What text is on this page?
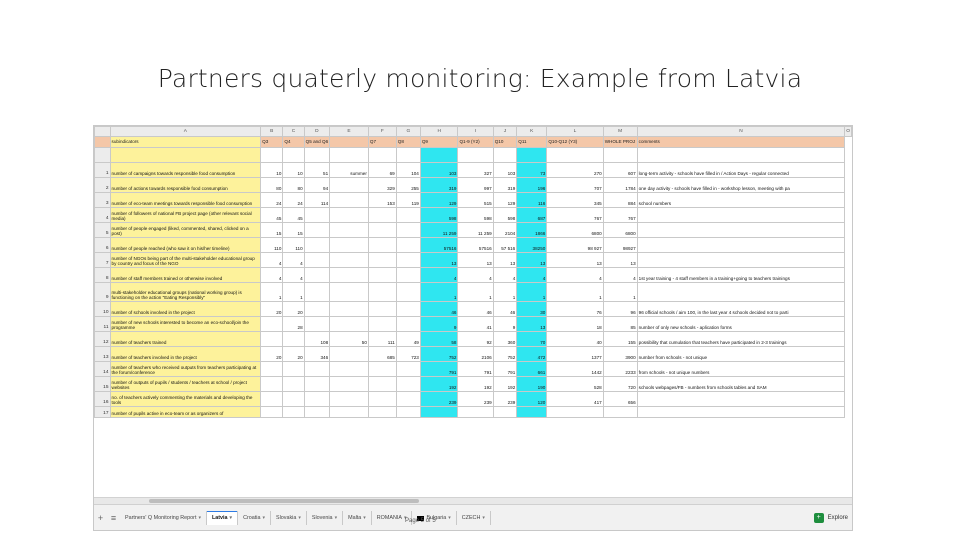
Partners quaterly monitoring: Example from Latvia
	A	B	C	D	E	F	G	H	I	J	K	L	M	N	O
	subindicators	Q3	Q4	Q5 and Q6		Q7	Q8	Q9	Q1-9 (Y2)	Q10	Q11	Q10-Q12 (Y3)	WHOLE PROJ	comments	

1	number of campaigns towards responsible food consumption	10	10	51	summer	69	104	103	327	103	73	270	607	long-term activity - schools have filled in / Action Days - regular connected	
2	number of actions towards responsible food consumption	80	80	94		329	255	319	997	319	196	707	1784	one day activity - schools have filled in - workshop lesson, meeting with pa	
3	number of eco-team meetings towards responsible food consumption	24	24	114		153	119	129	515	129	116	345	884	school numbers	
4	number of followers of national FB project page (other relevant social media)	45	45					598	598	598	687	767	767		
5	number of people engaged (liked, commented, shared, clicked on a post)	15	15					11 259	11 259	2104	1866	6800	6800		
6	number of people reached (who saw it on his/her timeline)	110	110					57516	57516	57 516	38250	98 927	98927		
7	number of NGOs being part of the multi-stakeholder educational group by country and focus of the NGO	4	4					13	13	13	13	13	13		
8	number of staff members trained or otherwise involved	4	4					4	4	4	4	4	4	1st year training - 4 staff members in a training+going to teachers trainings	
9	multi-stakeholder educational groups (national working group) is functioning on the action "Eating Responsibly"	1	1					1	1	1	1	1	1		
10	number of schools involved in the project	20	20					46	46	46	30	76	96	96 official schools / aim 100, in the last year 4 schools decided not to parti	
11	number of new schools interested to become an eco-school/join the programme		28					9	41	9	13	18	85	number of only new schools - aplication forms	
12	number of teachers trained			108	50	111	49	58	92	360	70	40	155	possibility that cumulation that teachers have participated in 2-3 trainings	
13	number of teachers involved in the project	20	20	346		685	723	752	2106	752	472	1377	3900	number from schools - not unique	
14	number of teachers who received outputs from teachers participating at the forum/conference							791	791	791	661	1442	2233	from schools - not unique numbers	
15	number of outputs of pupils / students / teachers at school / project websites							192	192	192	190	528	720	schools webpages/FB - numbers from schools tables and SAM	
16	no. of teachers actively commenting the materials and developing the tools							239	239	239	120	417	656		
17	number of pupils active in eco-team or as organizers of														
+ ≡	Partners' Q Monitoring Report ▾ Latvia ▾ Croatia ▾ Slovakia ▾ Slovenia ▾ Malta ▾ ROMANIA ▾	Bulgaria ▾ CZECH ▾	+	Explore
Page 5 of 5
